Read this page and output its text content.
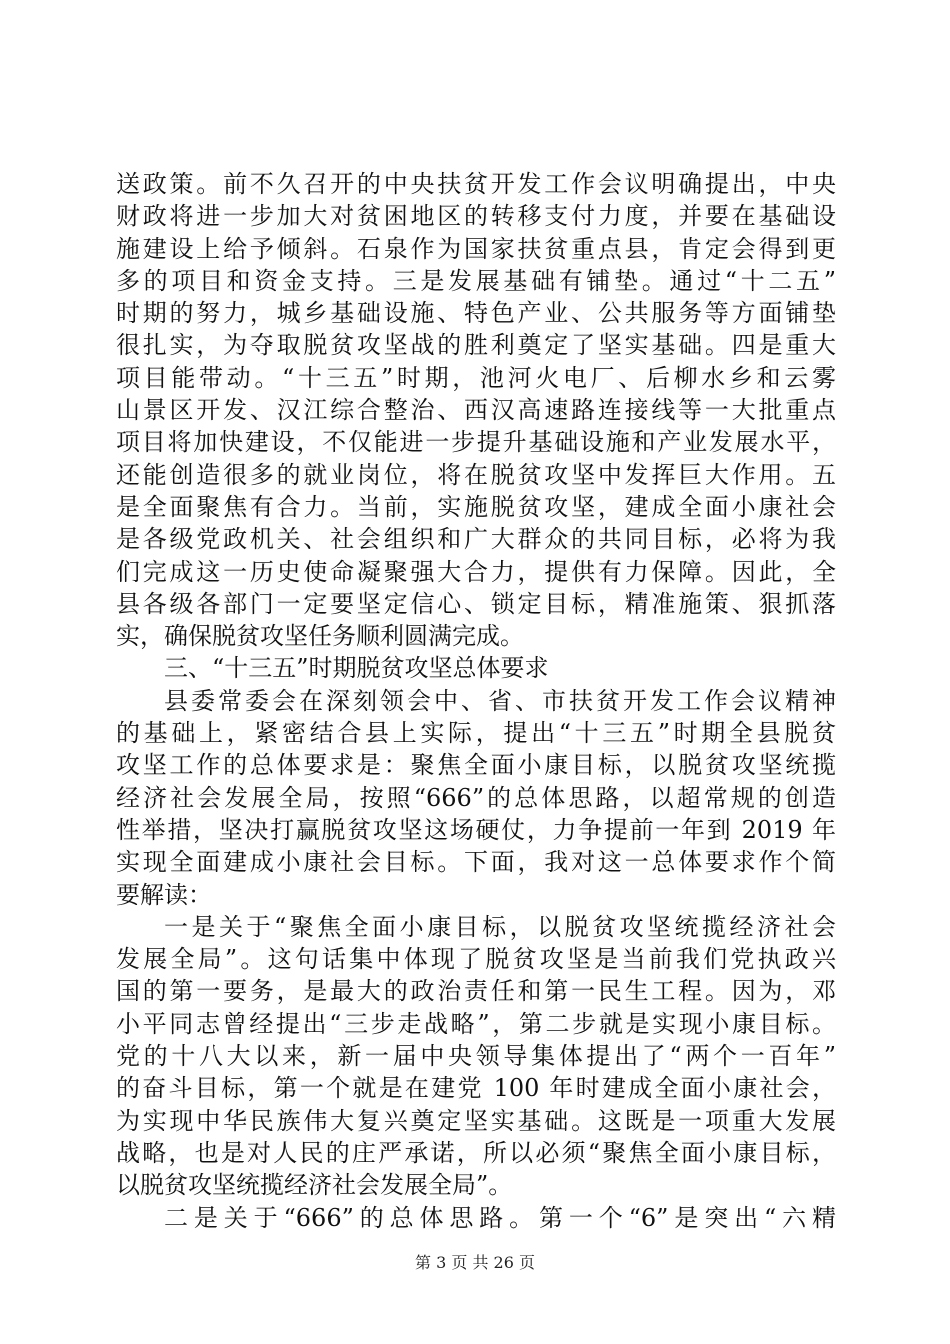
送政策。前不久召开的中央扶贫开发工作会议明确提出，中央
财政将进一步加大对贫困地区的转移支付力度，并要在基础设
施建设上给予倾斜。石泉作为国家扶贫重点县，肯定会得到更
多的项目和资金支持。三是发展基础有铺垫。通过“十二五”
时期的努力，城乡基础设施、特色产业、公共服务等方面铺垫
很扎实，为夺取脱贫攻坚战的胜利奠定了坚实基础。四是重大
项目能带动。“十三五”时期，池河火电厂、后柳水乡和云雾
山景区开发、汉江综合整治、西汉高速路连接线等一大批重点
项目将加快建设，不仅能进一步提升基础设施和产业发展水平，
还能创造很多的就业岗位，将在脱贫攻坚中发挥巨大作用。五
是全面聚焦有合力。当前，实施脱贫攻坚，建成全面小康社会
是各级党政机关、社会组织和广大群众的共同目标，必将为我
们完成这一历史使命凝聚强大合力，提供有力保障。因此，全
县各级各部门一定要坚定信心、锁定目标，精准施策、狠抓落
实，确保脱贫攻坚任务顺利圆满完成。
三、“十三五”时期脱贫攻坚总体要求
县委常委会在深刻领会中、省、市扶贫开发工作会议精神
的基础上，紧密结合县上实际，提出“十三五”时期全县脱贫
攻坚工作的总体要求是：聚焦全面小康目标，以脱贫攻坚统揽
经济社会发展全局，按照“666”的总体思路，以超常规的创造
性举措，坚决打赢脱贫攻坚这场硬仗，力争提前一年到 2019 年
实现全面建成小康社会目标。下面，我对这一总体要求作个简
要解读：
一是关于“聚焦全面小康目标，以脱贫攻坚统揽经济社会
发展全局”。这句话集中体现了脱贫攻坚是当前我们党执政兴
国的第一要务，是最大的政治责任和第一民生工程。因为，邓
小平同志曾经提出“三步走战略”，第二步就是实现小康目标。
党的十八大以来，新一届中央领导集体提出了“两个一百年”
的奋斗目标，第一个就是在建党 100 年时建成全面小康社会，
为实现中华民族伟大复兴奠定坚实基础。这既是一项重大发展
战略，也是对人民的庄严承诺，所以必须“聚焦全面小康目标，
以脱贫攻坚统揽经济社会发展全局”。
二是关于“666”的总体思路。第一个“6”是突出“六精
第 3 页 共 26 页
